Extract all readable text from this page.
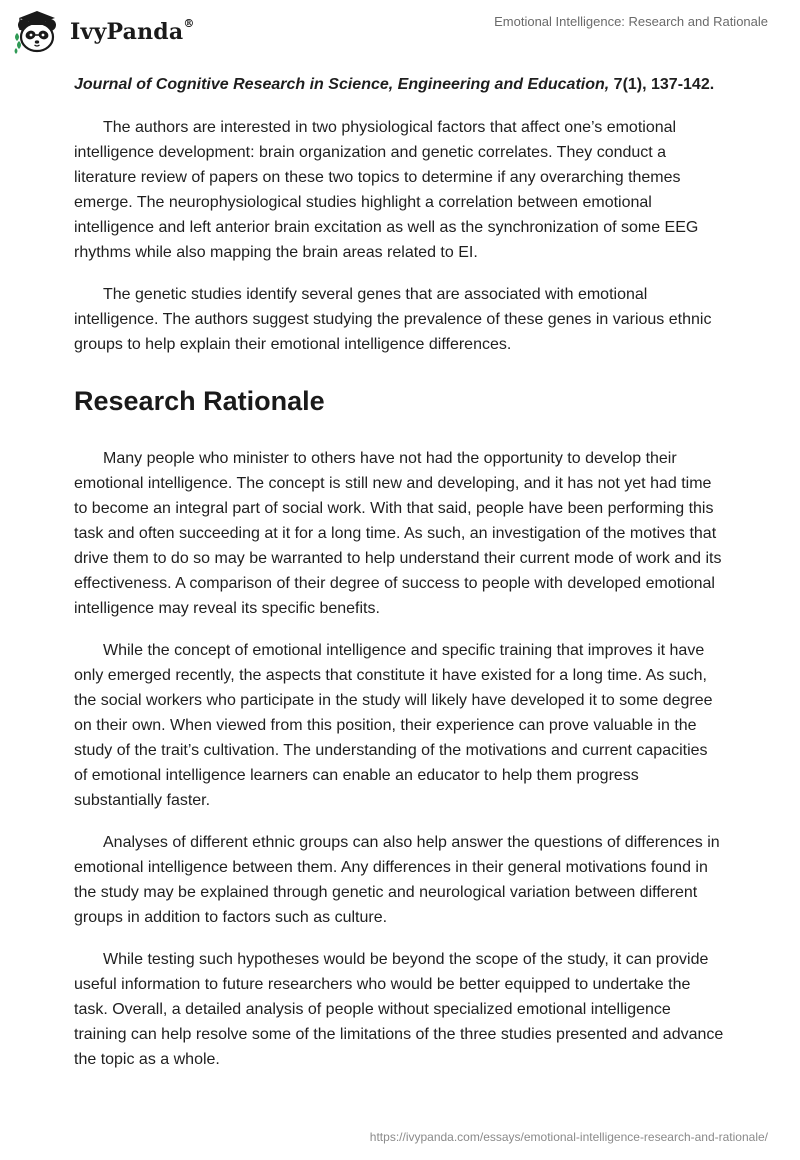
IvyPanda®	Emotional Intelligence: Research and Rationale

Journal of Cognitive Research in Science, Engineering and Education, 7(1), 137-142.

The authors are interested in two physiological factors that affect one’s emotional intelligence development: brain organization and genetic correlates. They conduct a literature review of papers on these two topics to determine if any overarching themes emerge. The neurophysiological studies highlight a correlation between emotional intelligence and left anterior brain excitation as well as the synchronization of some EEG rhythms while also mapping the brain areas related to EI.

The genetic studies identify several genes that are associated with emotional intelligence. The authors suggest studying the prevalence of these genes in various ethnic groups to help explain their emotional intelligence differences.

Research Rationale

Many people who minister to others have not had the opportunity to develop their emotional intelligence. The concept is still new and developing, and it has not yet had time to become an integral part of social work. With that said, people have been performing this task and often succeeding at it for a long time. As such, an investigation of the motives that drive them to do so may be warranted to help understand their current mode of work and its effectiveness. A comparison of their degree of success to people with developed emotional intelligence may reveal its specific benefits.

While the concept of emotional intelligence and specific training that improves it have only emerged recently, the aspects that constitute it have existed for a long time. As such, the social workers who participate in the study will likely have developed it to some degree on their own. When viewed from this position, their experience can prove valuable in the study of the trait’s cultivation. The understanding of the motivations and current capacities of emotional intelligence learners can enable an educator to help them progress substantially faster.

Analyses of different ethnic groups can also help answer the questions of differences in emotional intelligence between them. Any differences in their general motivations found in the study may be explained through genetic and neurological variation between different groups in addition to factors such as culture.

While testing such hypotheses would be beyond the scope of the study, it can provide useful information to future researchers who would be better equipped to undertake the task. Overall, a detailed analysis of people without specialized emotional intelligence training can help resolve some of the limitations of the three studies presented and advance the topic as a whole.

https://ivypanda.com/essays/emotional-intelligence-research-and-rationale/
